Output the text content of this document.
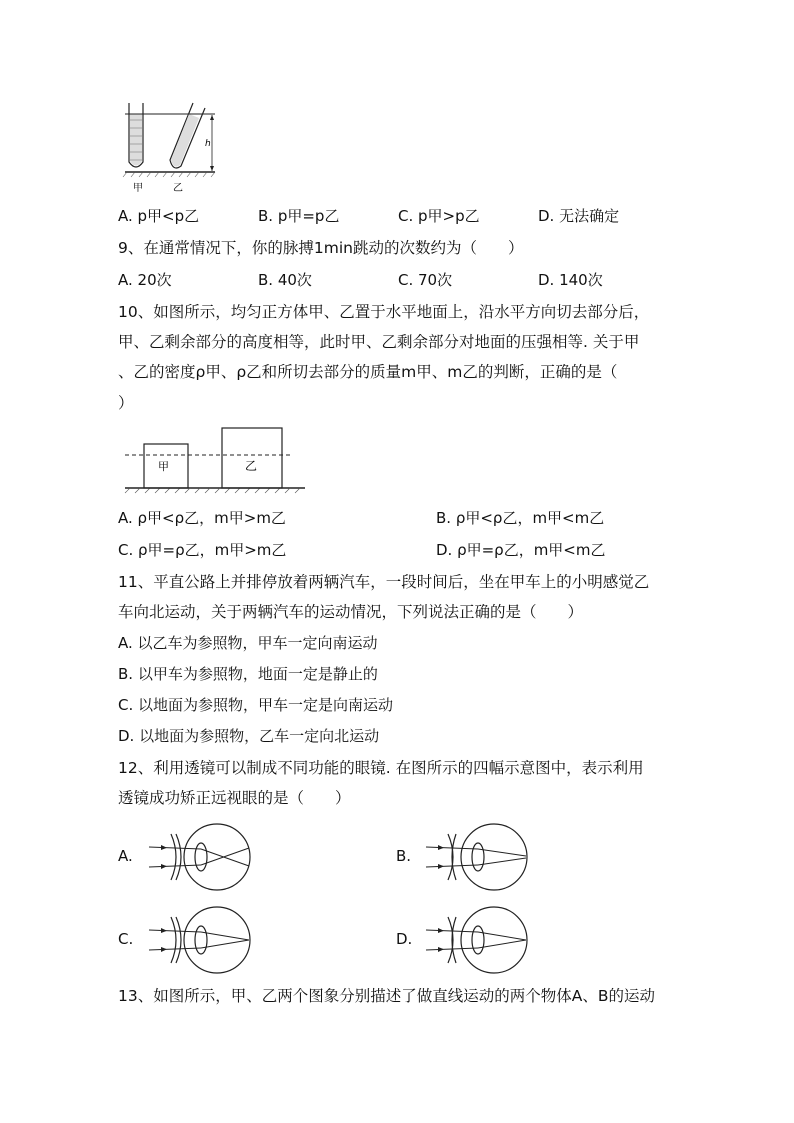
h
甲	乙
A. p甲<p乙	B. p甲=p乙	C. p甲>p乙	D. 无法确定
9、在通常情况下，你的脉搏1min跳动的次数约为（　　）
A. 20次	B. 40次	C. 70次	D. 140次
10、如图所示，均匀正方体甲、乙置于水平地面上，沿水平方向切去部分后，
甲、乙剩余部分的高度相等，此时甲、乙剩余部分对地面的压强相等. 关于甲
、乙的密度ρ甲、ρ乙和所切去部分的质量m甲、m乙的判断，正确的是（
）
甲	乙
A. ρ甲<ρ乙，m甲>m乙	B. ρ甲<ρ乙，m甲<m乙
C. ρ甲=ρ乙，m甲>m乙	D. ρ甲=ρ乙，m甲<m乙
11、平直公路上并排停放着两辆汽车，一段时间后，坐在甲车上的小明感觉乙
车向北运动，关于两辆汽车的运动情况，下列说法正确的是（　　）
A. 以乙车为参照物，甲车一定向南运动
B. 以甲车为参照物，地面一定是静止的
C. 以地面为参照物，甲车一定是向南运动
D. 以地面为参照物，乙车一定向北运动
12、利用透镜可以制成不同功能的眼镜. 在图所示的四幅示意图中，表示利用
透镜成功矫正远视眼的是（　　）
A.	B.
C.	D.
13、如图所示，甲、乙两个图象分别描述了做直线运动的两个物体A、B的运动
